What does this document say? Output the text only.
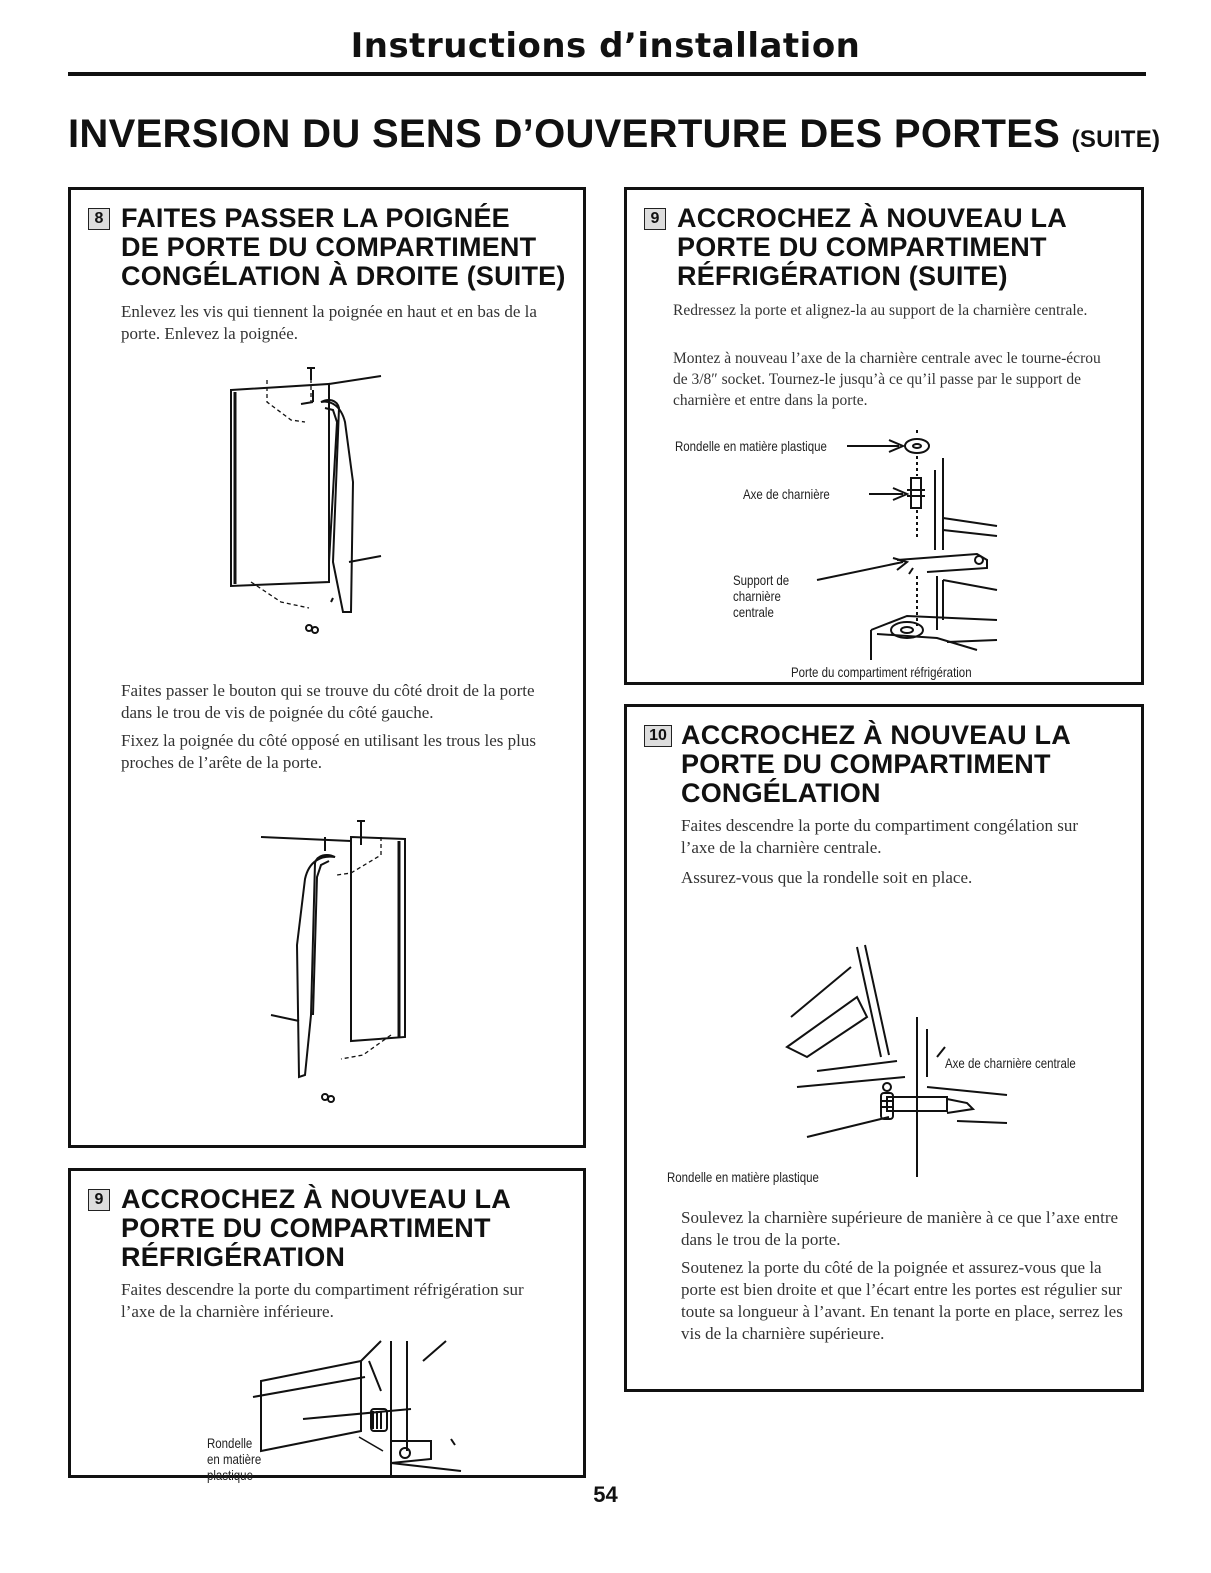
Instructions d’installation
INVERSION DU SENS D’OUVERTURE DES PORTES (SUITE)
8 FAITES PASSER LA POIGNÉE
DE PORTE DU COMPARTIMENT
CONGÉLATION À DROITE (SUITE)
Enlevez les vis qui tiennent la poignée en haut et en bas de la porte. Enlevez la poignée.
Faites passer le bouton qui se trouve du côté droit de la porte dans le trou de vis de poignée du côté gauche.
Fixez la poignée du côté opposé en utilisant les trous les plus proches de l’arête de la porte.
9 ACCROCHEZ À NOUVEAU LA
PORTE DU COMPARTIMENT
RÉFRIGÉRATION
Faites descendre la porte du compartiment réfrigération sur l’axe de la charnière inférieure.
Rondelle
en matière
plastique
9 ACCROCHEZ À NOUVEAU LA
PORTE DU COMPARTIMENT
RÉFRIGÉRATION (SUITE)
Redressez la porte et alignez-la au support de la charnière centrale.
Montez à nouveau l’axe de la charnière centrale avec le tourne-écrou de 3/8″ socket. Tournez-le jusqu’à ce qu’il passe par le support de charnière et entre dans la porte.
Rondelle en matière plastique
Axe de charnière
Support de
charnière
centrale
Porte du compartiment réfrigération
10 ACCROCHEZ À NOUVEAU LA
PORTE DU COMPARTIMENT
CONGÉLATION
Faites descendre la porte du compartiment congélation sur l’axe de la charnière centrale.
Assurez-vous que la rondelle soit en place.
Axe de charnière centrale
Rondelle en matière plastique
Soulevez la charnière supérieure de manière à ce que l’axe entre dans le trou de la porte.
Soutenez la porte du côté de la poignée et assurez-vous que la porte est bien droite et que l’écart entre les portes est régulier sur toute sa longueur à l’avant. En tenant la porte en place, serrez les vis de la charnière supérieure.
54
